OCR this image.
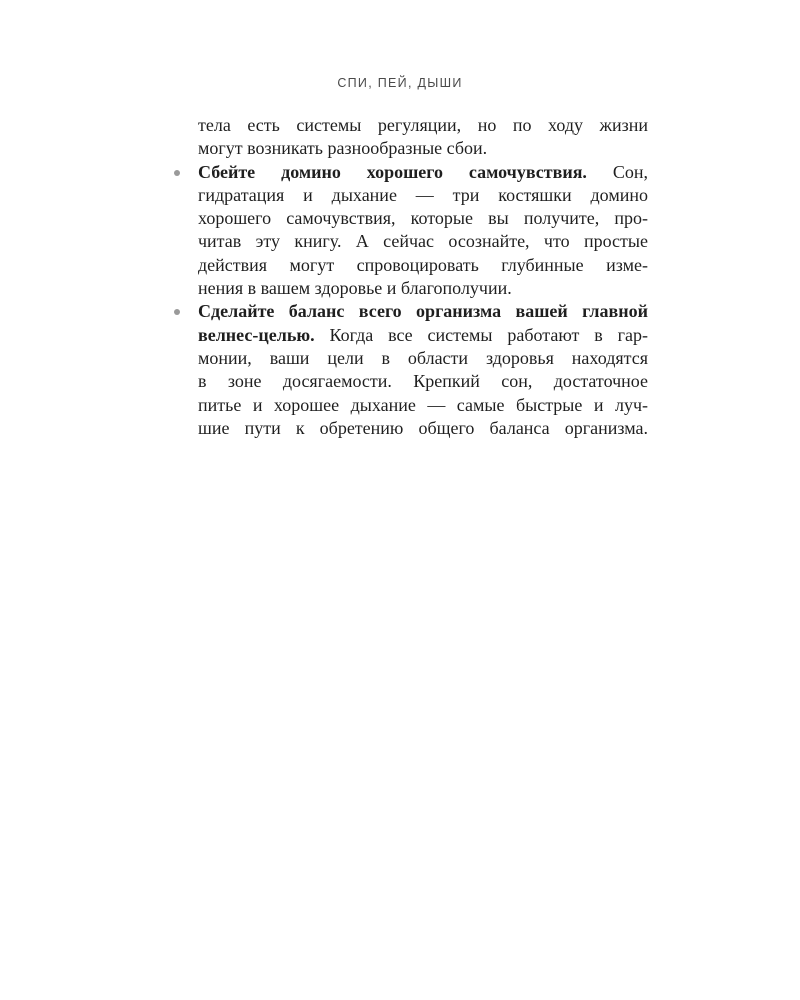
СПИ, ПЕЙ, ДЫШИ
тела есть системы регуляции, но по ходу жизни
могут возникать разнообразные сбои.
Сбейте домино хорошего самочувствия. Сон,
гидратация и дыхание — три костяшки домино
хорошего самочувствия, которые вы получите, про-
читав эту книгу. А сейчас осознайте, что простые
действия могут спровоцировать глубинные изме-
нения в вашем здоровье и благополучии.
Сделайте баланс всего организма вашей главной
велнес-целью. Когда все системы работают в гар-
монии, ваши цели в области здоровья находятся
в зоне досягаемости. Крепкий сон, достаточное
питье и хорошее дыхание — самые быстрые и луч-
шие пути к обретению общего баланса организма.
